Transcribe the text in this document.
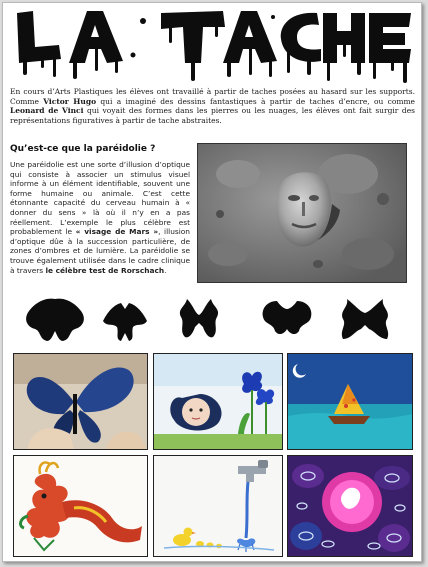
En cours d’Arts Plastiques les élèves ont travaillé à partir de taches posées au hasard sur les supports. Comme Victor Hugo qui a imaginé des dessins fantastiques à partir de taches d’encre, ou comme Leonard de Vinci qui voyait des formes dans les pierres ou les nuages, les élèves ont fait surgir des représentations figuratives à partir de tache abstraites.

Qu’est-ce que la paréidolie ?

Une paréidolie est une sorte d’illusion d’optique qui consiste à associer un stimulus visuel informe à un élément identifiable, souvent une forme humaine ou animale. C’est cette étonnante capacité du cerveau humain à « donner du sens » là où il n’y en a pas réellement. L’exemple le plus célèbre est probablement le « visage de Mars », illusion d’optique dûe à la succession particulière, de zones d’ombres et de lumière. La paréidolie se trouve également utilisée dans le cadre clinique à travers le célèbre test de Rorschach.
